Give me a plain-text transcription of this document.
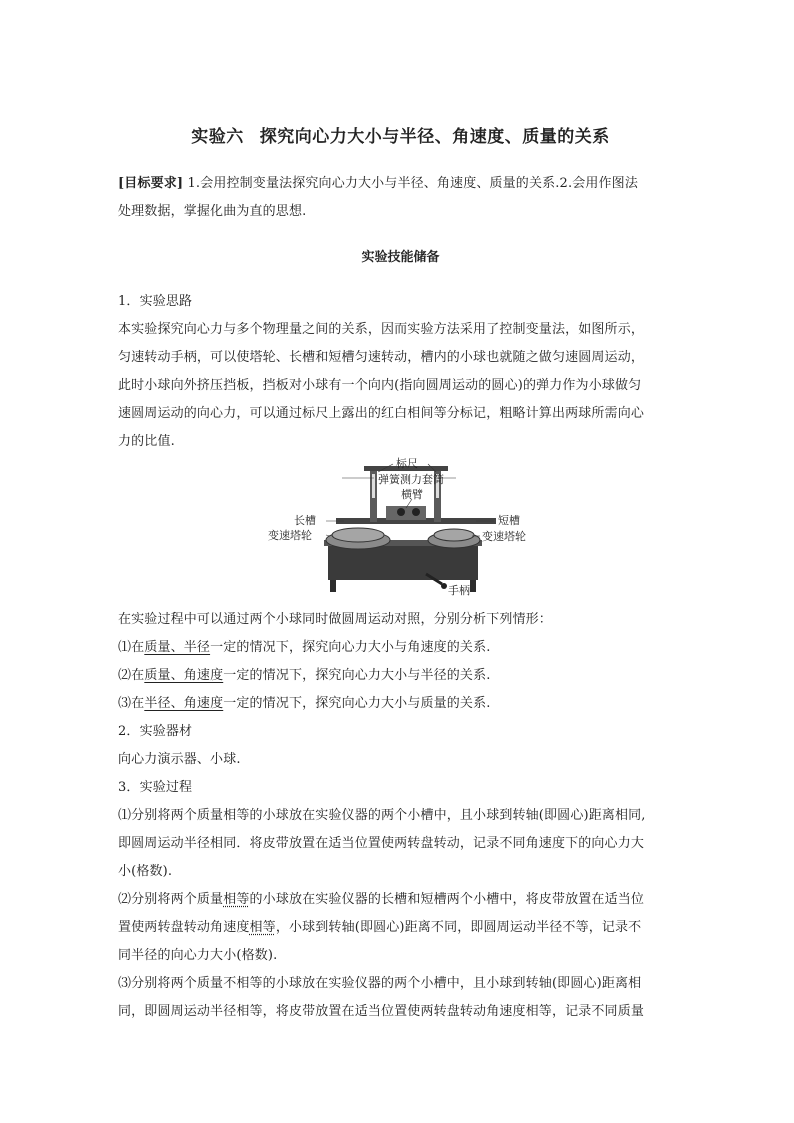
实验六 探究向心力大小与半径、角速度、质量的关系
[目标要求] 1.会用控制变量法探究向心力大小与半径、角速度、质量的关系.2.会用作图法
处理数据，掌握化曲为直的思想.
实验技能储备
1．实验思路
本实验探究向心力与多个物理量之间的关系，因而实验方法采用了控制变量法，如图所示，
匀速转动手柄，可以使塔轮、长槽和短槽匀速转动，槽内的小球也就随之做匀速圆周运动，
此时小球向外挤压挡板，挡板对小球有一个向内(指向圆周运动的圆心)的弹力作为小球做匀
速圆周运动的向心力，可以通过标尺上露出的红白相间等分标记，粗略计算出两球所需向心
力的比值.
标尺
弹簧测力套筒
横臂
长槽
变速塔轮
短槽
变速塔轮
手柄
在实验过程中可以通过两个小球同时做圆周运动对照，分别分析下列情形：
⑴在质量、半径一定的情况下，探究向心力大小与角速度的关系.
⑵在质量、角速度一定的情况下，探究向心力大小与半径的关系.
⑶在半径、角速度一定的情况下，探究向心力大小与质量的关系.
2．实验器材
向心力演示器、小球.
3．实验过程
⑴分别将两个质量相等的小球放在实验仪器的两个小槽中，且小球到转轴(即圆心)距离相同,
即圆周运动半径相同．将皮带放置在适当位置使两转盘转动，记录不同角速度下的向心力大
小(格数).
⑵分别将两个质量相等的小球放在实验仪器的长槽和短槽两个小槽中，将皮带放置在适当位
置使两转盘转动角速度相等，小球到转轴(即圆心)距离不同，即圆周运动半径不等，记录不
同半径的向心力大小(格数).
⑶分别将两个质量不相等的小球放在实验仪器的两个小槽中，且小球到转轴(即圆心)距离相
同，即圆周运动半径相等，将皮带放置在适当位置使两转盘转动角速度相等，记录不同质量
